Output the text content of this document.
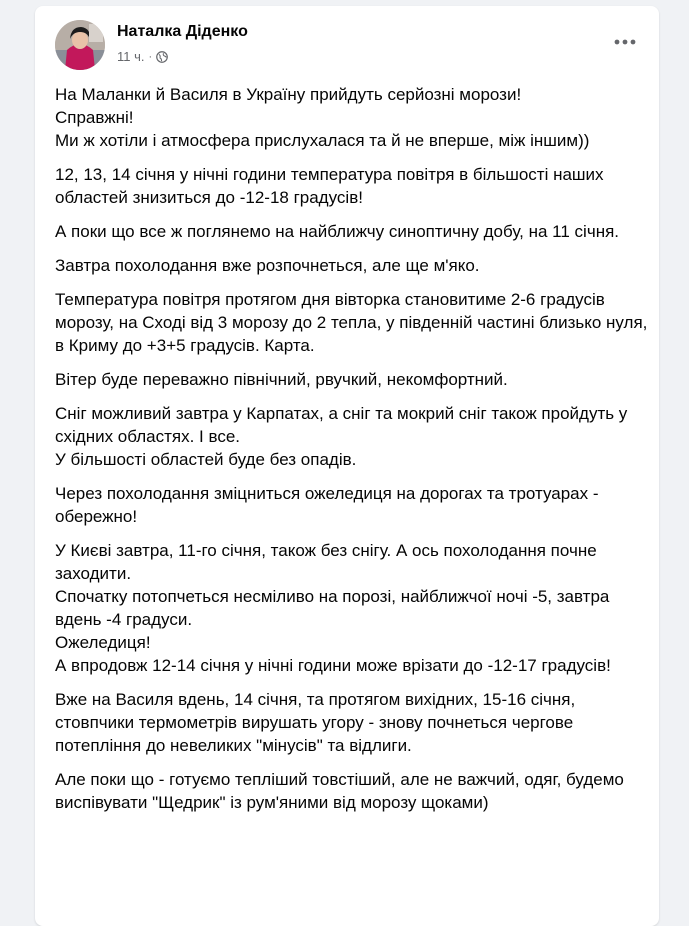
Наталка Діденко
11 ч. ·

На Маланки й Василя в Україну прийдуть серйозні морози!
Справжні!
Ми ж хотіли і атмосфера прислухалася та й не вперше, між іншим))

12, 13, 14 січня у нічні години температура повітря в більшості наших областей знизиться до -12-18 градусів!

А поки що все ж поглянемо на найближчу синоптичну добу, на 11 січня.

Завтра похолодання вже розпочнеться, але ще м'яко.

Температура повітря протягом дня вівторка становитиме 2-6 градусів морозу, на Сході від 3 морозу до 2 тепла, у південній частині близько нуля, в Криму до +3+5 градусів. Карта.

Вітер буде переважно північний, рвучкий, некомфортний.

Сніг можливий завтра у Карпатах, а сніг та мокрий сніг також пройдуть у східних областях. І все.
У більшості областей буде без опадів.

Через похолодання зміцниться ожеледиця на дорогах та тротуарах - обережно!

У Києві завтра, 11-го січня, також без снігу. А ось похолодання почне заходити.
Спочатку потопчеться несміливо на порозі, найближчої ночі -5, завтра вдень -4 градуси.
Ожеледиця!
А впродовж 12-14 січня у нічні години може врізати до -12-17 градусів!

Вже на Василя вдень, 14 січня, та протягом вихідних, 15-16 січня, стовпчики термометрів вирушать угору - знову почнеться чергове потепління до невеликих "мінусів" та відлиги.

Але поки що - готуємо тепліший товстіший, але не важчий, одяг, будемо виспівувати "Щедрик" із рум'яними від морозу щоками)
